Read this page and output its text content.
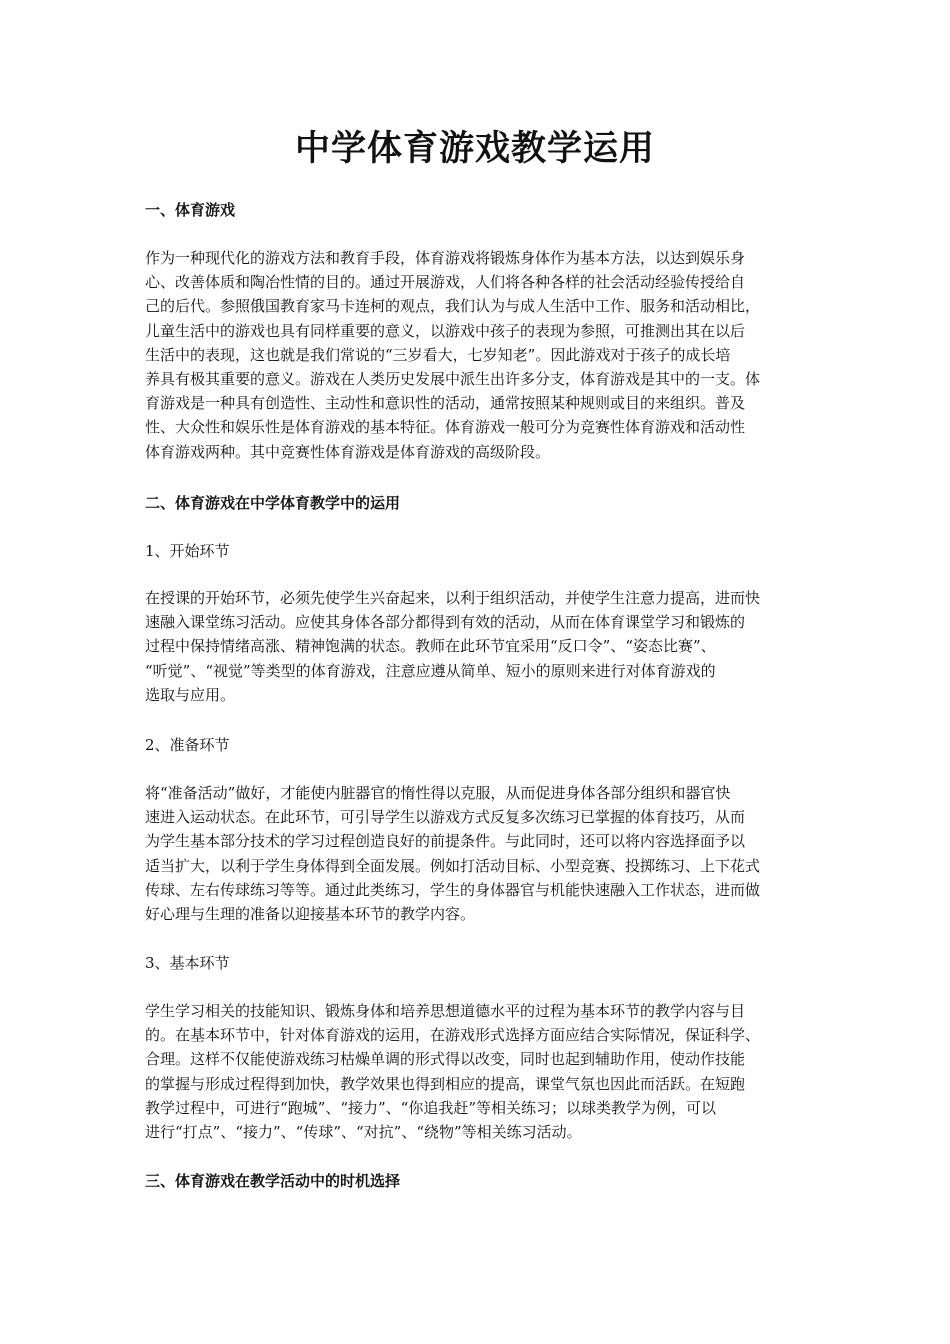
中学体育游戏教学运用
一、体育游戏
作为一种现代化的游戏方法和教育手段，体育游戏将锻炼身体作为基本方法，以达到娱乐身
心、改善体质和陶冶性情的目的。通过开展游戏，人们将各种各样的社会活动经验传授给自
己的后代。参照俄国教育家马卡连柯的观点，我们认为与成人生活中工作、服务和活动相比，
儿童生活中的游戏也具有同样重要的意义，以游戏中孩子的表现为参照，可推测出其在以后
生活中的表现，这也就是我们常说的“三岁看大，七岁知老”。因此游戏对于孩子的成长培
养具有极其重要的意义。游戏在人类历史发展中派生出许多分支，体育游戏是其中的一支。体
育游戏是一种具有创造性、主动性和意识性的活动，通常按照某种规则或目的来组织。普及
性、大众性和娱乐性是体育游戏的基本特征。体育游戏一般可分为竞赛性体育游戏和活动性
体育游戏两种。其中竞赛性体育游戏是体育游戏的高级阶段。
二、体育游戏在中学体育教学中的运用
1、开始环节
在授课的开始环节，必须先使学生兴奋起来，以利于组织活动，并使学生注意力提高，进而快
速融入课堂练习活动。应使其身体各部分都得到有效的活动，从而在体育课堂学习和锻炼的
过程中保持情绪高涨、精神饱满的状态。教师在此环节宜采用“反口令”、“姿态比赛”、
“听觉”、“视觉”等类型的体育游戏，注意应遵从简单、短小的原则来进行对体育游戏的
选取与应用。
2、准备环节
将“准备活动”做好，才能使内脏器官的惰性得以克服，从而促进身体各部分组织和器官快
速进入运动状态。在此环节，可引导学生以游戏方式反复多次练习已掌握的体育技巧，从而
为学生基本部分技术的学习过程创造良好的前提条件。与此同时，还可以将内容选择面予以
适当扩大，以利于学生身体得到全面发展。例如打活动目标、小型竞赛、投掷练习、上下花式
传球、左右传球练习等等。通过此类练习，学生的身体器官与机能快速融入工作状态，进而做
好心理与生理的准备以迎接基本环节的教学内容。
3、基本环节
学生学习相关的技能知识、锻炼身体和培养思想道德水平的过程为基本环节的教学内容与目
的。在基本环节中，针对体育游戏的运用，在游戏形式选择方面应结合实际情况，保证科学、
合理。这样不仅能使游戏练习枯燥单调的形式得以改变，同时也起到辅助作用，使动作技能
的掌握与形成过程得到加快，教学效果也得到相应的提高，课堂气氛也因此而活跃。在短跑
教学过程中，可进行“跑城”、“接力”、“你追我赶”等相关练习；以球类教学为例，可以
进行“打点”、“接力”、“传球”、“对抗”、“绕物”等相关练习活动。
三、体育游戏在教学活动中的时机选择
